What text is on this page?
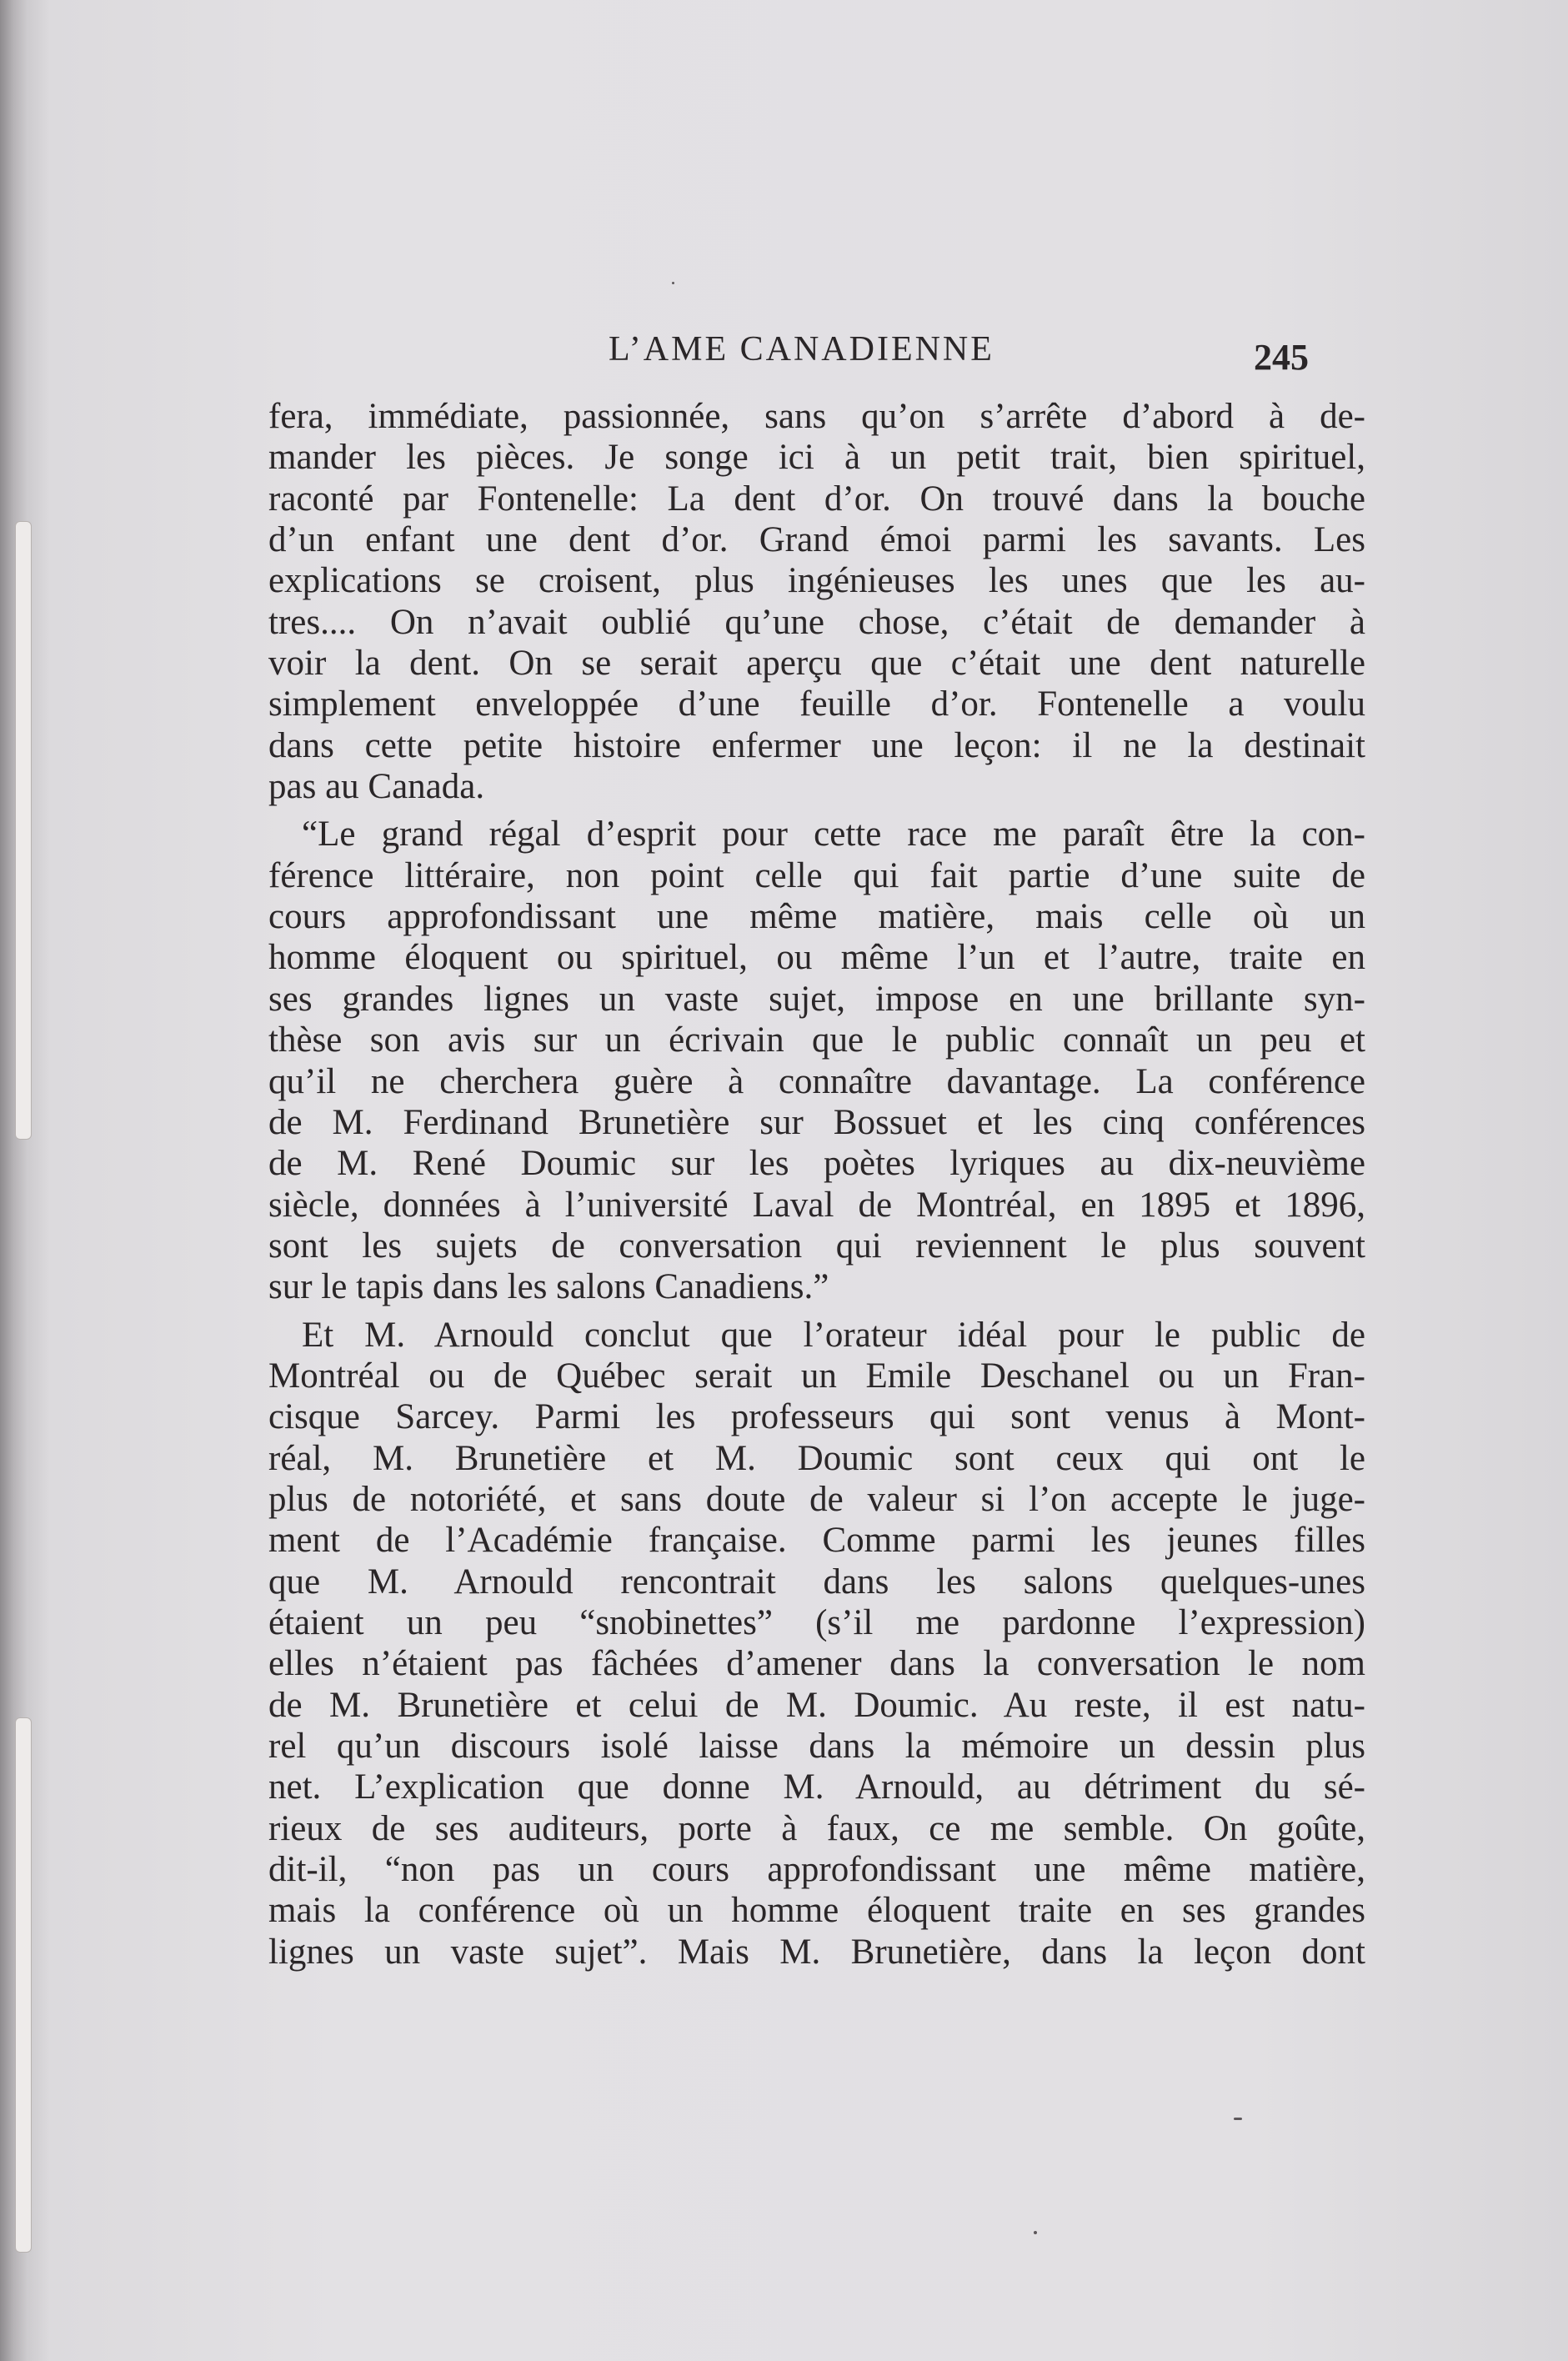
L’AME CANADIENNE	245
fera, immédiate, passionnée, sans qu’on s’arrête d’abord à de-
mander les pièces. Je songe ici à un petit trait, bien spirituel,
raconté par Fontenelle: La dent d’or. On trouvé dans la bouche
d’un enfant une dent d’or. Grand émoi parmi les savants. Les
explications se croisent, plus ingénieuses les unes que les au-
tres.... On n’avait oublié qu’une chose, c’était de demander à
voir la dent. On se serait aperçu que c’était une dent naturelle
simplement enveloppée d’une feuille d’or. Fontenelle a voulu
dans cette petite histoire enfermer une leçon: il ne la destinait
pas au Canada.
“Le grand régal d’esprit pour cette race me paraît être la con-
férence littéraire, non point celle qui fait partie d’une suite de
cours approfondissant une même matière, mais celle où un
homme éloquent ou spirituel, ou même l’un et l’autre, traite en
ses grandes lignes un vaste sujet, impose en une brillante syn-
thèse son avis sur un écrivain que le public connaît un peu et
qu’il ne cherchera guère à connaître davantage. La conférence
de M. Ferdinand Brunetière sur Bossuet et les cinq conférences
de M. René Doumic sur les poètes lyriques au dix-neuvième
siècle, données à l’université Laval de Montréal, en 1895 et 1896,
sont les sujets de conversation qui reviennent le plus souvent
sur le tapis dans les salons Canadiens.”
Et M. Arnould conclut que l’orateur idéal pour le public de
Montréal ou de Québec serait un Emile Deschanel ou un Fran-
cisque Sarcey. Parmi les professeurs qui sont venus à Mont-
réal, M. Brunetière et M. Doumic sont ceux qui ont le
plus de notoriété, et sans doute de valeur si l’on accepte le juge-
ment de l’Académie française. Comme parmi les jeunes filles
que M. Arnould rencontrait dans les salons quelques-unes
étaient un peu “snobinettes” (s’il me pardonne l’expression)
elles n’étaient pas fâchées d’amener dans la conversation le nom
de M. Brunetière et celui de M. Doumic. Au reste, il est natu-
rel qu’un discours isolé laisse dans la mémoire un dessin plus
net. L’explication que donne M. Arnould, au détriment du sé-
rieux de ses auditeurs, porte à faux, ce me semble. On goûte,
dit-il, “non pas un cours approfondissant une même matière,
mais la conférence où un homme éloquent traite en ses grandes
lignes un vaste sujet”. Mais M. Brunetière, dans la leçon dont
